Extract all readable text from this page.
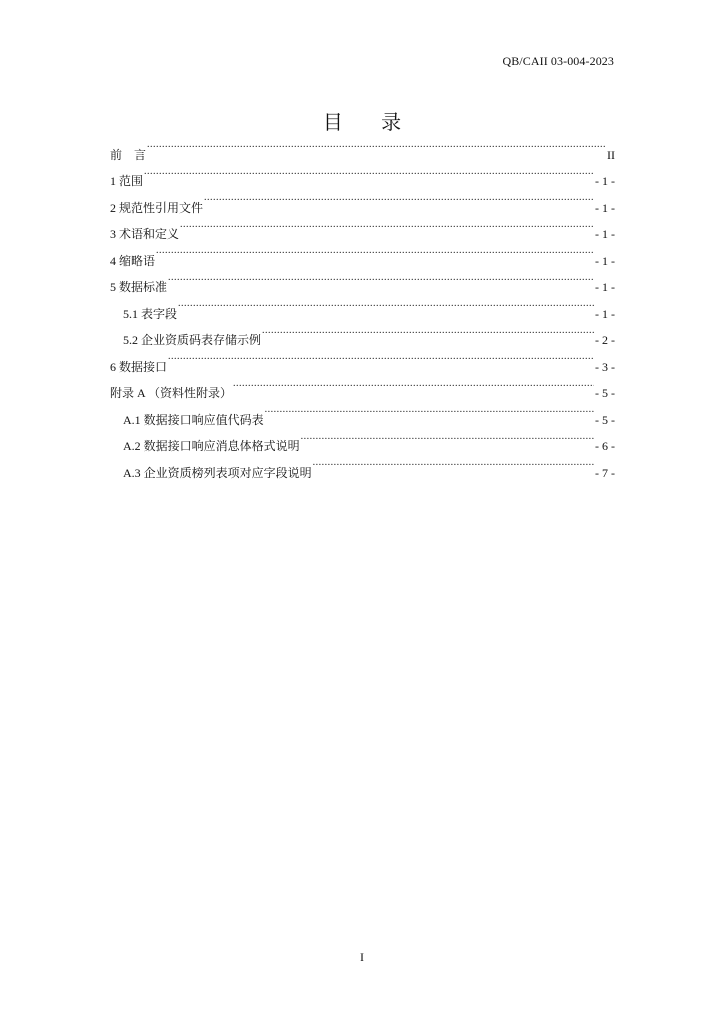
QB/CAII 03-004-2023
目 录
前　言 .....	II
1 范围 .....	- 1 -
2 规范性引用文件 .....	- 1 -
3 术语和定义 .....	- 1 -
4 缩略语 .....	- 1 -
5 数据标准 .....	- 1 -
5.1 表字段 .....	- 1 -
5.2 企业资质码表存储示例 .....	- 2 -
6 数据接口 .....	- 3 -
附录 A （资料性附录） .....	- 5 -
A.1 数据接口响应值代码表 .....	- 5 -
A.2 数据接口响应消息体格式说明 .....	- 6 -
A.3 企业资质榜列表项对应字段说明 .....	- 7 -
I
